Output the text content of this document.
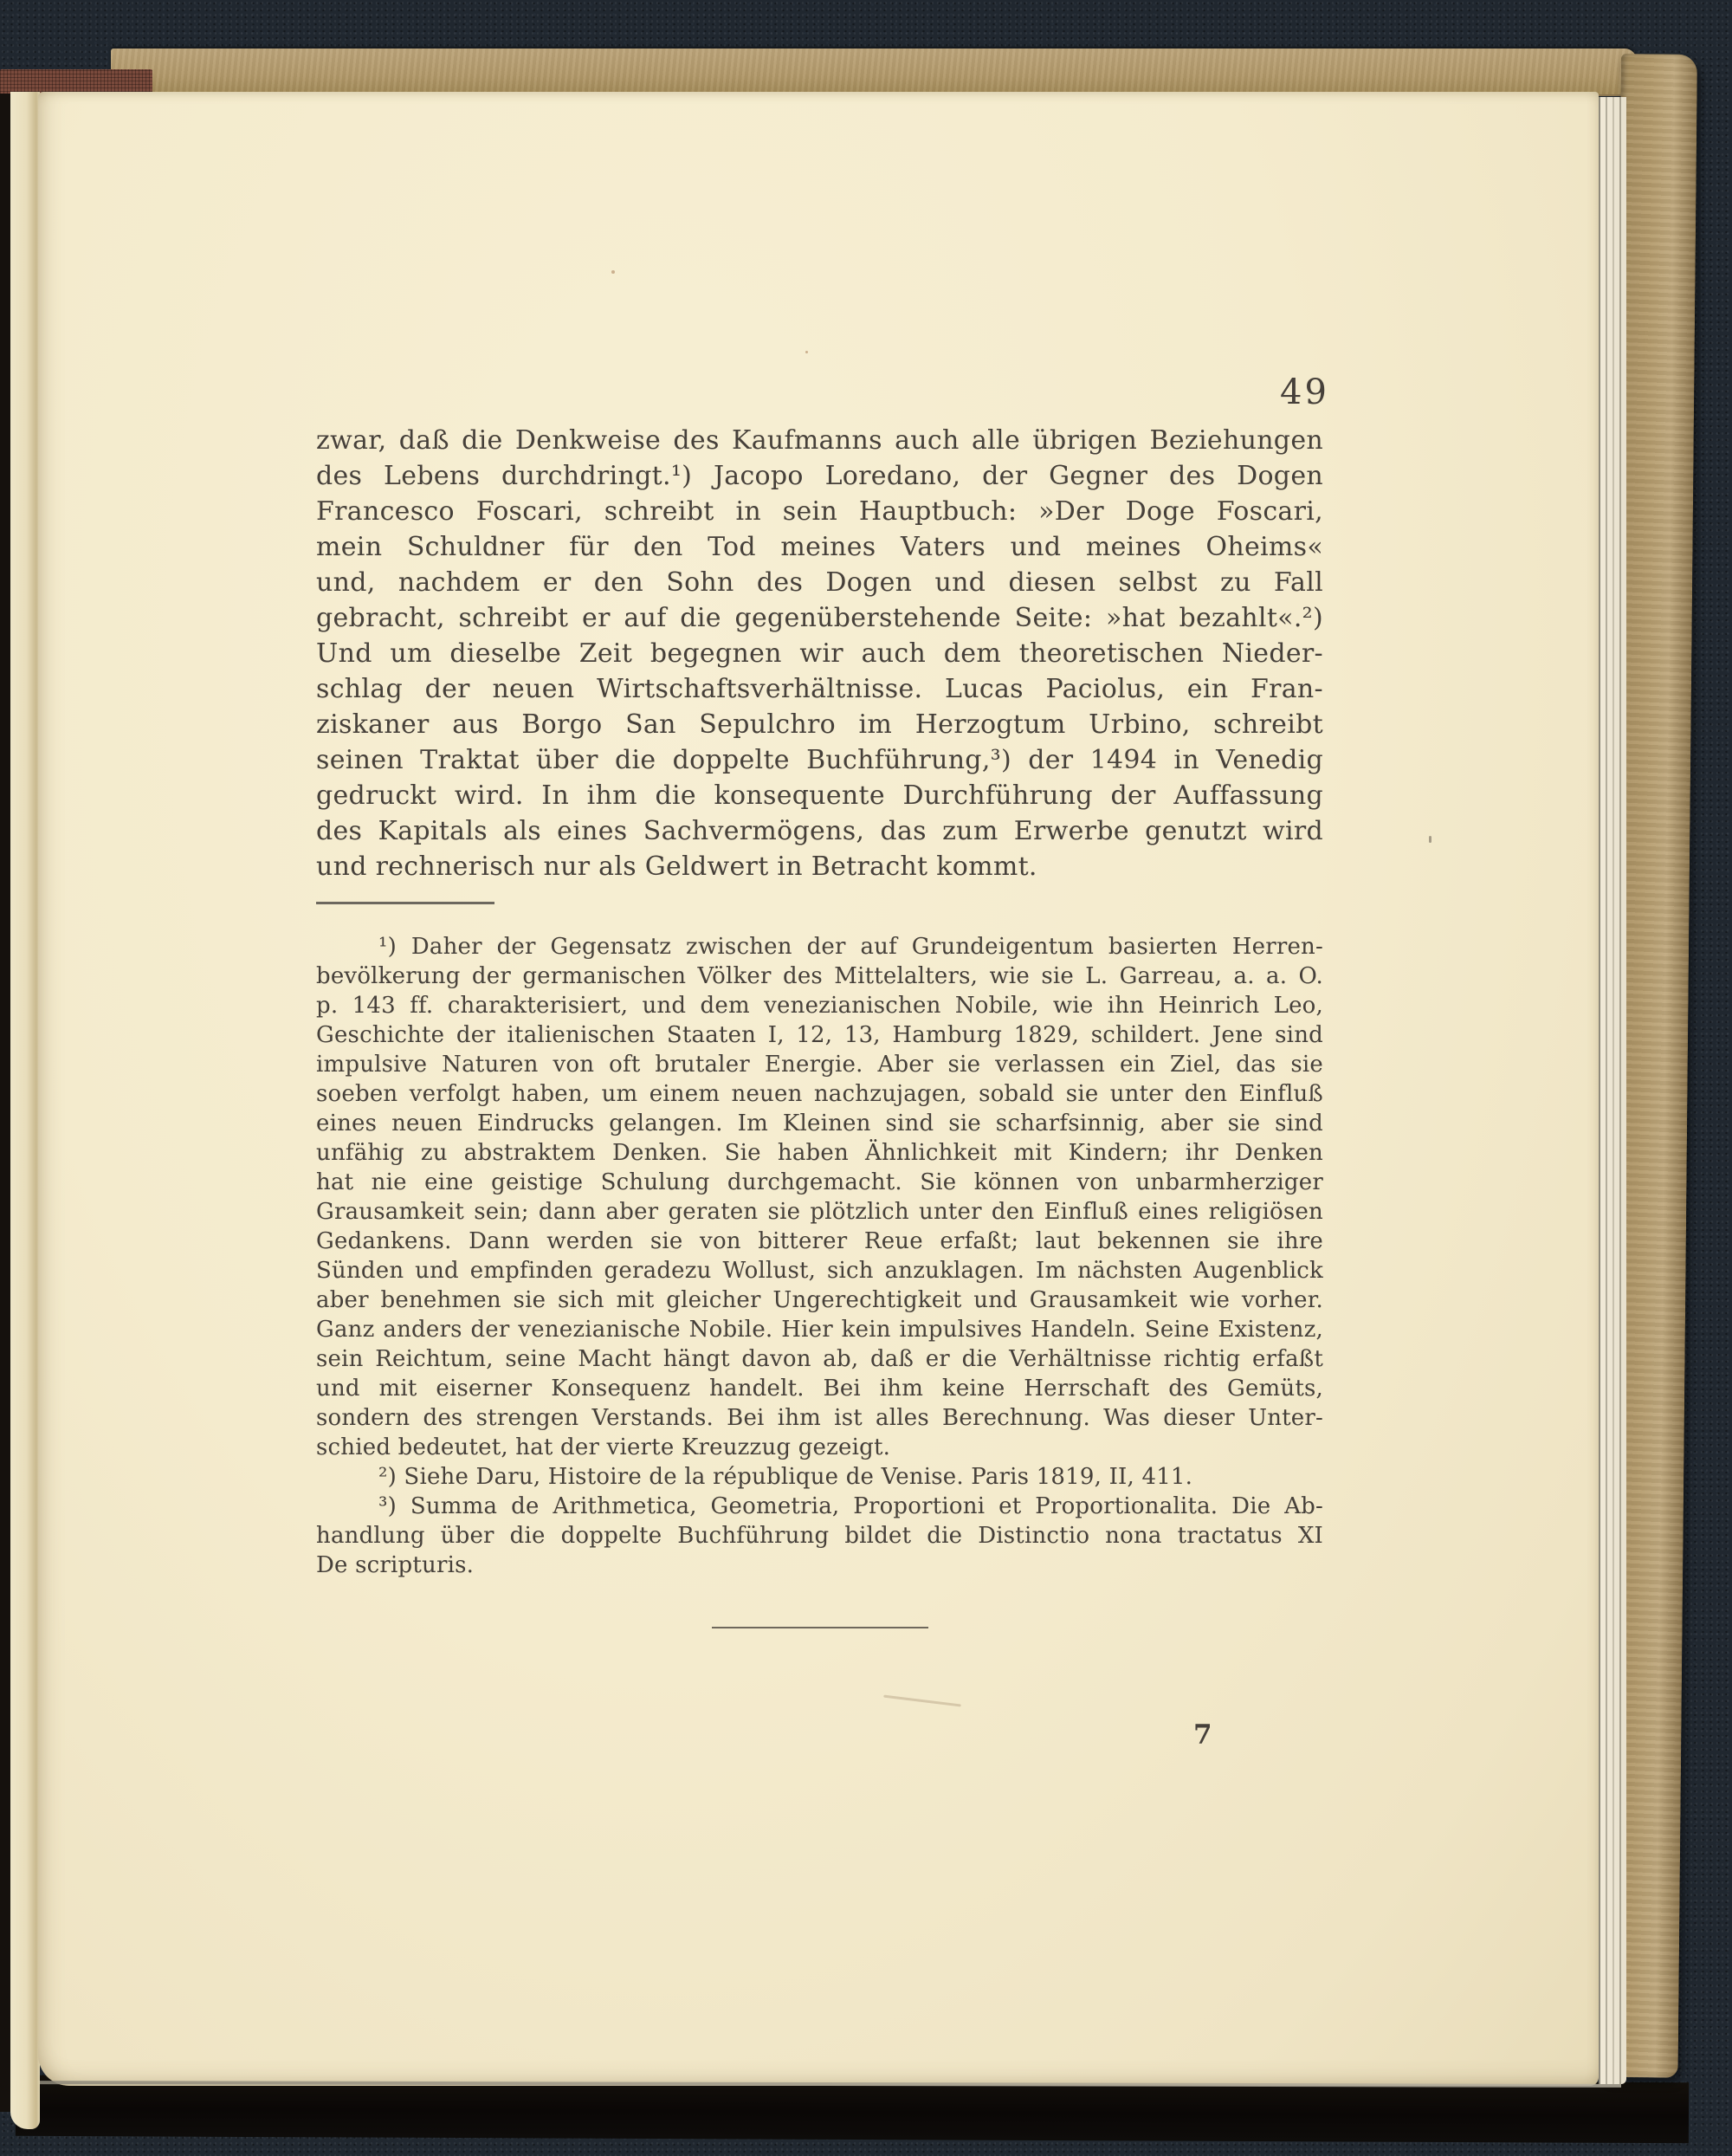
49
zwar, daß die Denkweise des Kaufmanns auch alle übrigen Beziehungen
des Lebens durchdringt.¹) Jacopo Loredano, der Gegner des Dogen
Francesco Foscari, schreibt in sein Hauptbuch: »Der Doge Foscari,
mein Schuldner für den Tod meines Vaters und meines Oheims«
und, nachdem er den Sohn des Dogen und diesen selbst zu Fall
gebracht, schreibt er auf die gegenüberstehende Seite: »hat bezahlt«.²)
Und um dieselbe Zeit begegnen wir auch dem theoretischen Nieder-
schlag der neuen Wirtschaftsverhältnisse. Lucas Paciolus, ein Fran-
ziskaner aus Borgo San Sepulchro im Herzogtum Urbino, schreibt
seinen Traktat über die doppelte Buchführung,³) der 1494 in Venedig
gedruckt wird. In ihm die konsequente Durchführung der Auffassung
des Kapitals als eines Sachvermögens, das zum Erwerbe genutzt wird
und rechnerisch nur als Geldwert in Betracht kommt.
¹) Daher der Gegensatz zwischen der auf Grundeigentum basierten Herren-
bevölkerung der germanischen Völker des Mittelalters, wie sie L. Garreau, a. a. O.
p. 143 ff. charakterisiert, und dem venezianischen Nobile, wie ihn Heinrich Leo,
Geschichte der italienischen Staaten I, 12, 13, Hamburg 1829, schildert. Jene sind
impulsive Naturen von oft brutaler Energie. Aber sie verlassen ein Ziel, das sie
soeben verfolgt haben, um einem neuen nachzujagen, sobald sie unter den Einfluß
eines neuen Eindrucks gelangen. Im Kleinen sind sie scharfsinnig, aber sie sind
unfähig zu abstraktem Denken. Sie haben Ähnlichkeit mit Kindern; ihr Denken
hat nie eine geistige Schulung durchgemacht. Sie können von unbarmherziger
Grausamkeit sein; dann aber geraten sie plötzlich unter den Einfluß eines religiösen
Gedankens. Dann werden sie von bitterer Reue erfaßt; laut bekennen sie ihre
Sünden und empfinden geradezu Wollust, sich anzuklagen. Im nächsten Augenblick
aber benehmen sie sich mit gleicher Ungerechtigkeit und Grausamkeit wie vorher.
Ganz anders der venezianische Nobile. Hier kein impulsives Handeln. Seine Existenz,
sein Reichtum, seine Macht hängt davon ab, daß er die Verhältnisse richtig erfaßt
und mit eiserner Konsequenz handelt. Bei ihm keine Herrschaft des Gemüts,
sondern des strengen Verstands. Bei ihm ist alles Berechnung. Was dieser Unter-
schied bedeutet, hat der vierte Kreuzzug gezeigt.
²) Siehe Daru, Histoire de la république de Venise. Paris 1819, II, 411.
³) Summa de Arithmetica, Geometria, Proportioni et Proportionalita. Die Ab-
handlung über die doppelte Buchführung bildet die Distinctio nona tractatus XI
De scripturis.
7
